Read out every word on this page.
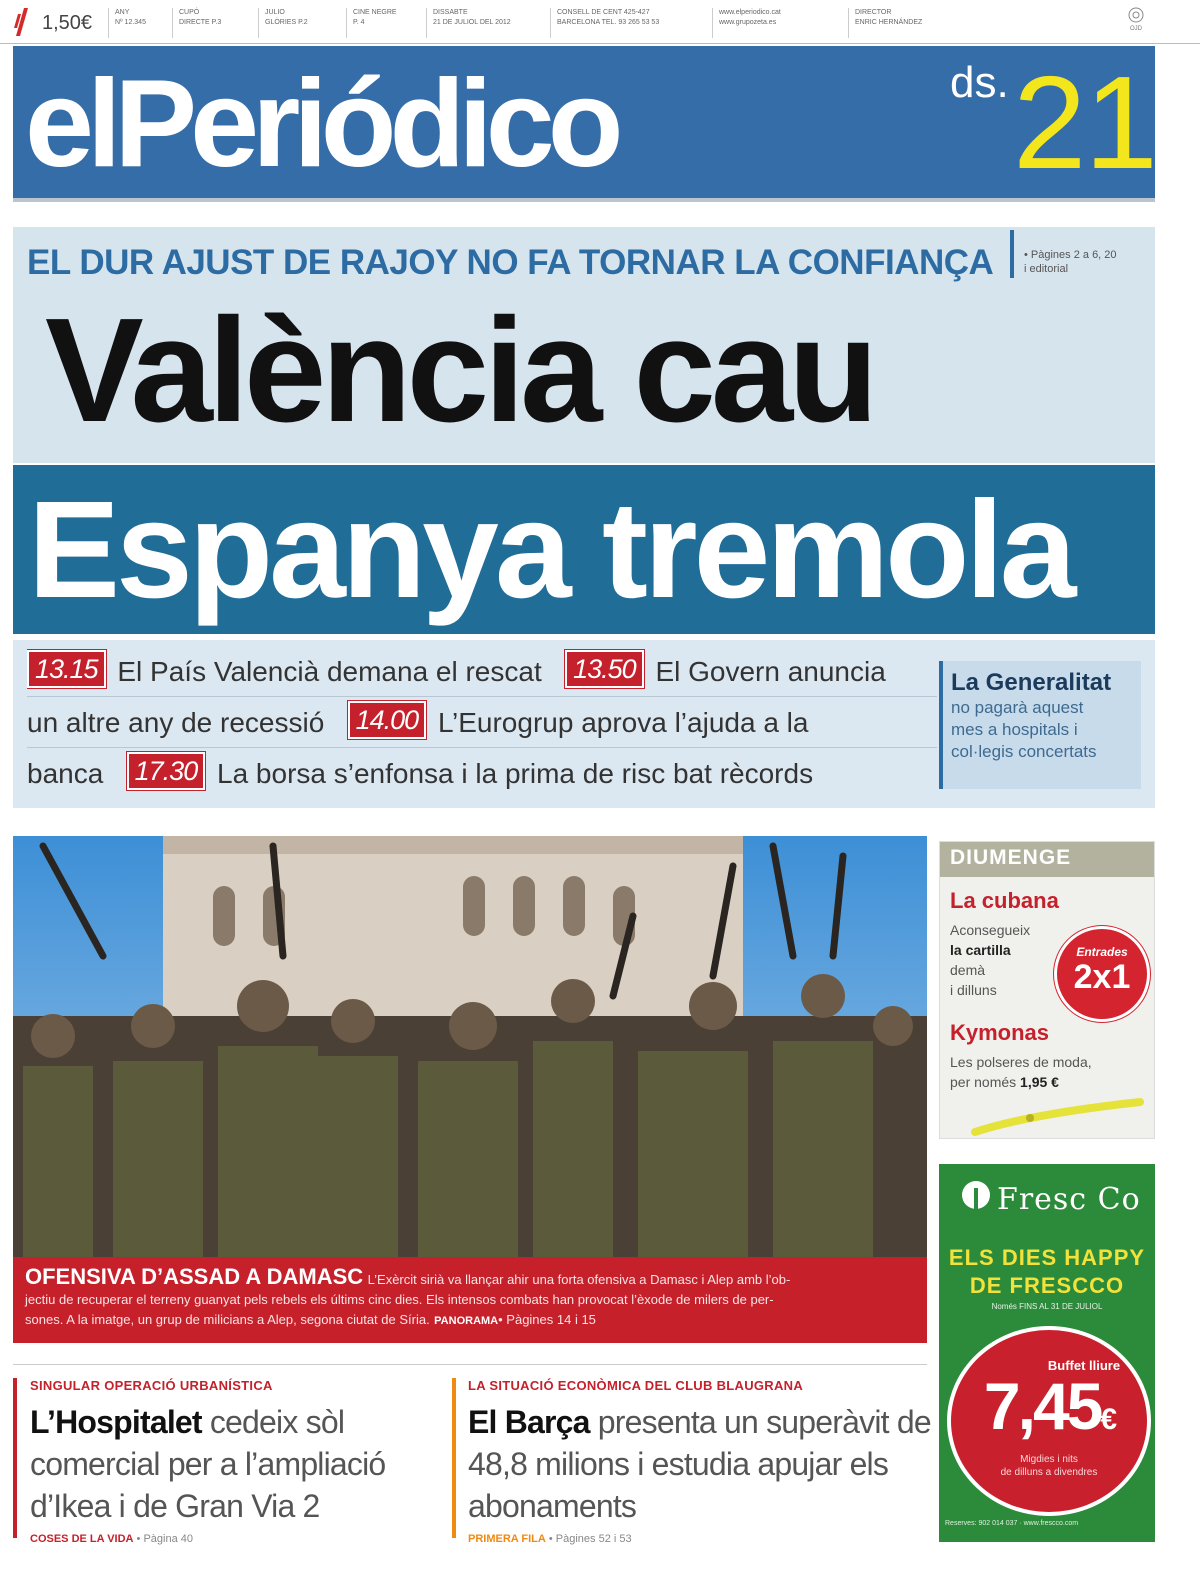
1,50€	ANY
Nº 12.345
CUPÓ
DIRECTE P.3
JULIO
GLÒRIES P.2
CINE NEGRE
P. 4
DISSABTE
21 DE JULIOL DEL 2012
CONSELL DE CENT 425-427
BARCELONA TEL. 93 265 53 53
www.elperiodico.cat
www.grupozeta.es
DIRECTOR
ENRIC HERNÁNDEZ
OJD
elPeriódico	ds. 21
EL DUR AJUST DE RAJOY NO FA TORNAR LA CONFIANÇA	• Pàgines 2 a 6, 20
i editorial
València cau
Espanya tremola
13.15 El País Valencià demana el rescat 13.50 El Govern anuncia
un altre any de recessió 14.00 L’Eurogrup aprova l’ajuda a la
banca 17.30 La borsa s’enfonsa i la prima de risc bat rècords
La Generalitat
no pagarà aquest
mes a hospitals i
col·legis concertats
OFENSIVA D’ASSAD A DAMASC L’Exèrcit sirià va llançar ahir una forta ofensiva a Damasc i Alep amb l’ob-
jectiu de recuperar el terreny guanyat pels rebels els últims cinc dies. Els intensos combats han provocat l’èxode de milers de per-
sones. A la imatge, un grup de milicians a Alep, segona ciutat de Síria. PANORAMA• Pàgines 14 i 15
DIUMENGE
La cubana
Aconsegueix
la cartilla
demà
i dilluns
Entrades
2x1
Kymonas
Les polseres de moda,
per només 1,95 €
Fresc Co
ELS DIES HAPPY
DE FRESCCO
Només FINS AL 31 DE JULIOL
Buffet lliure
7,45€
Migdies i nits
de dilluns a divendres
Reserves: 902 014 037 · www.frescco.com
SINGULAR OPERACIÓ URBANÍSTICA
L’Hospitalet cedeix sòl comercial per a l’ampliació d’Ikea i de Gran Via 2
COSES DE LA VIDA • Pàgina 40
LA SITUACIÓ ECONÒMICA DEL CLUB BLAUGRANA
El Barça presenta un superàvit de 48,8 milions i estudia apujar els abonaments
PRIMERA FILA • Pàgines 52 i 53
